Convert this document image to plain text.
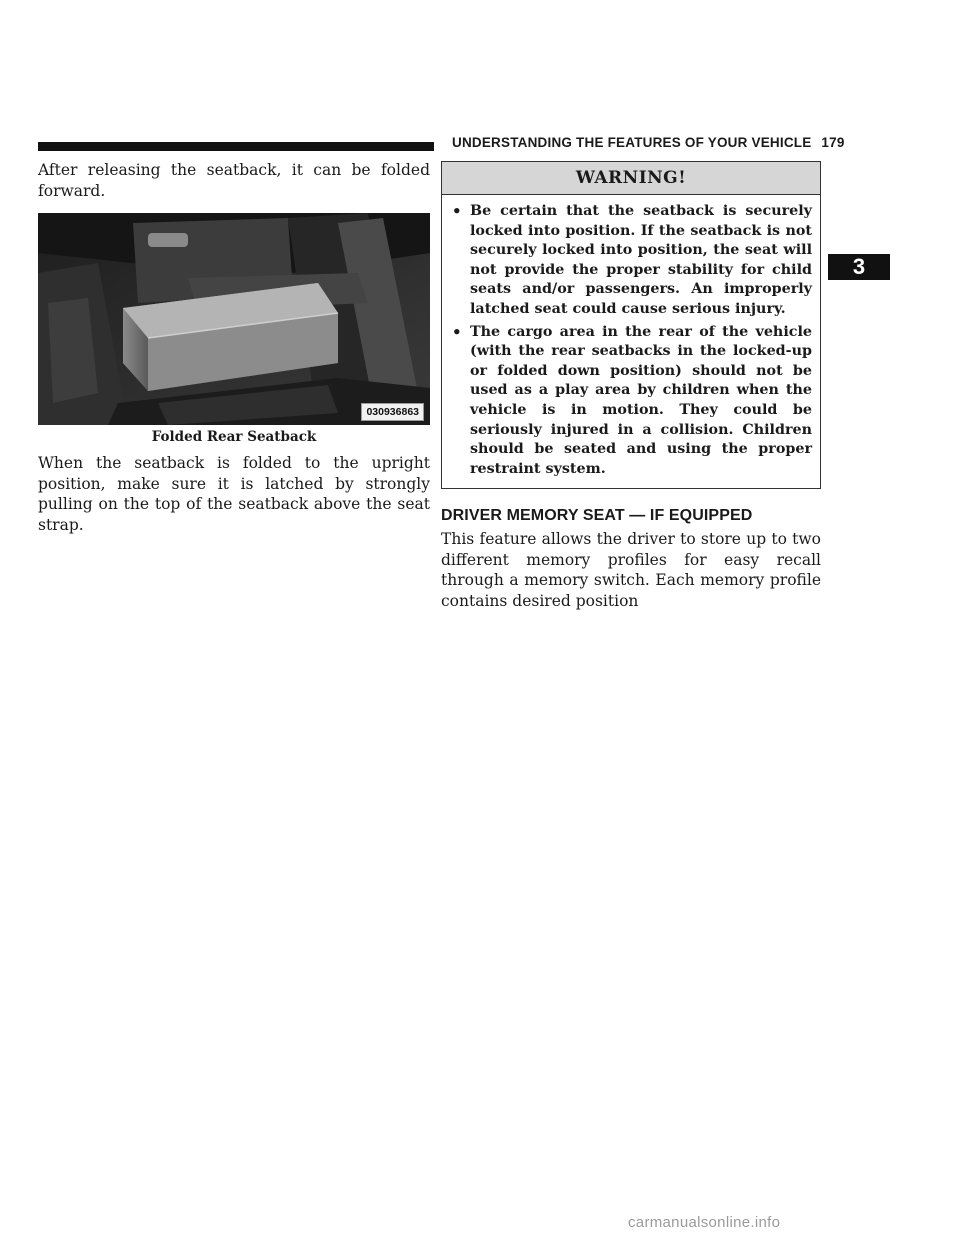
UNDERSTANDING THE FEATURES OF YOUR VEHICLE 179
3

After releasing the seatback, it can be folded forward.

030936863
Folded Rear Seatback

When the seatback is folded to the upright position, make sure it is latched by strongly pulling on the top of the seatback above the seat strap.

WARNING!
• Be certain that the seatback is securely locked into position. If the seatback is not securely locked into position, the seat will not provide the proper stability for child seats and/or passengers. An improperly latched seat could cause serious injury.
• The cargo area in the rear of the vehicle (with the rear seatbacks in the locked-up or folded down position) should not be used as a play area by children when the vehicle is in motion. They could be seriously injured in a collision. Children should be seated and using the proper restraint system.
DRIVER MEMORY SEAT — IF EQUIPPED

This feature allows the driver to store up to two different memory profiles for easy recall through a memory switch. Each memory profile contains desired position

carmanualsonline.info
